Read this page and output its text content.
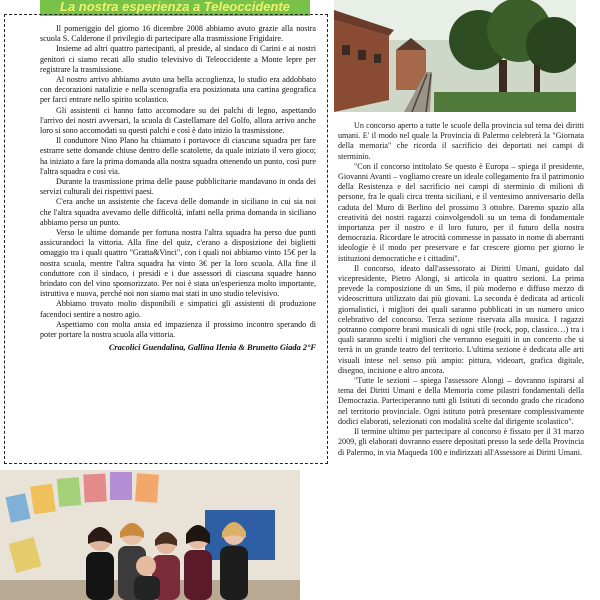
La nostra esperienza a Teleoccidente

Il pomeriggio del giorno 16 dicembre 2008 abbiamo avuto grazie alla nostra scuola S. Calderone il privilegio di partecipare alla trasmissione Frigidaire.

Insieme ad altri quattro partecipanti, al preside, al sindaco di Carini e ai nostri genitori ci siamo recati allo studio televisivo di Teleoccidente a Monte lepre per registrare la trasmissione.

Al nostro arrivo abbiamo avuto una bella accoglienza, lo studio era addobbato con decorazioni natalizie e nella scenografia era posizionata una cartina geografica per farci entrare nello spirito scolastico.

Gli assistenti ci hanno fatto accomodare su dei palchi di legno, aspettando l'arrivo dei nostri avversari, la scuola di Castellamare del Golfo, allora arrivo anche loro si sono accomodati su questi palchi e così è dato inizio la trasmissione.

Il conduttore Nino Plano ha chiamato i portavoce di ciascuna squadra per fare estrarre sette domande chiuse dentro delle scatolette, da quale iniziato il vero gioco; ha iniziato a fare la prima domanda alla nostra squadra ottenendo un punto, così pure l'altra squadra e così via.

Durante la trasmissione prima delle pause pubblicitarie mandavano in onda dei servizi culturali dei rispettivi paesi.

C'era anche un assistente che faceva delle domande in siciliano in cui sia noi che l'altra squadra avevamo delle difficoltà, infatti nella prima domanda in siciliano abbiamo perso un punto.

Verso le ultime domande per fortuna nostra l'altra squadra ha perso due punti assicurandoci la vittoria. Alla fine del quiz, c'erano a disposizione dei biglietti omaggio tra i quali quattro "Gratta&Vinci", con i quali noi abbiamo vinto 15€ per la nostra scuola, mentre l'altra squadra ha vinto 3€ per la loro scuola. Alla fine il conduttore con il sindaco, i presidi e i due assessori di ciascuna squadre hanno brindato con del vino sponsorizzato. Per noi è stata un'esperienza molto importante, istruttiva e nuova, perché noi non siamo mai stati in uno studio televisivo.

Abbiamo trovato molto disponibili e simpatici gli assistenti di produzione facendoci sentire a nostro agio.

Aspettiamo con molta ansia ed impazienza il prossimo incontro sperando di poter portare la nostra scuola alla vittoria.

Cracolici Guendalina, Gallina Ilenia & Brunetto Giada 2°F

Un concorso aperto a tutte le scuole della provincia sul tema dei diritti umani. E' il modo nel quale la Provincia di Palermo celebrerà la "Giornata della memoria" che ricorda il sacrificio dei deportati nei campi di sterminio.

"Con il concorso intitolato Se questo è Europa – spiega il presidente, Giovanni Avanti – vogliamo creare un ideale collegamento fra il patrimonio della Resistenza e del sacrificio nei campi di sterminio di milioni di persone, fra le quali circa trenta siciliani, e il ventesimo anniversario della caduta del Muro di Berlino del prossimo 3 ottobre. Daremo spazio alla creatività dei nostri ragazzi coinvolgendoli su un tema di fondamentale importanza per il nostro e il loro futuro, per il futuro della nostra democrazia. Ricordare le atrocità commesse in passato in nome di aberranti ideologie è il modo per preservare e far crescere giorno per giorno le istituzioni democratiche e i cittadini".

Il concorso, ideato dall'assessorato ai Diritti Umani, guidato dal vicepresidente, Pietro Alongi, si articola in quattro sezioni. La prima prevede la composizione di un Sms, il più moderno e diffuso mezzo di videoscrittura utilizzato dai più giovani. La seconda è dedicata ad articoli giornalistici, i migliori dei quali saranno pubblicati in un numero unico celebrativo del concorso. Terza sezione riservata alla musica. I ragazzi potranno comporre brani musicali di ogni stile (rock, pop, classico…) tra i quali saranno scelti i migliori che verranno eseguiti in un concerto che si terrà in un grande teatro del territorio. L'ultima sezione è dedicata alle arti visuali intese nel senso più ampio: pittura, videoart, grafica digitale, disegno, incisione e altro ancora.

"Tutte le sezioni – spiega l'assessore Alongi – dovranno ispirarsi al tema dei Diritti Umani e della Memoria come pilastri fondamentali della Democrazia. Parteciperanno tutti gli Istituti di secondo grado che ricadono nel territorio provinciale. Ogni istituto potrà presentare complessivamente dodici elaborati, selezionati con modalità scelte dal dirigente scolastico".

Il termine ultimo per partecipare al concorso è fissato per il 31 marzo 2009, gli elaborati dovranno essere depositati presso la sede della Provincia di Palermo, in via Maqueda 100 e indirizzati all'Assessore ai Diritti Umani.
